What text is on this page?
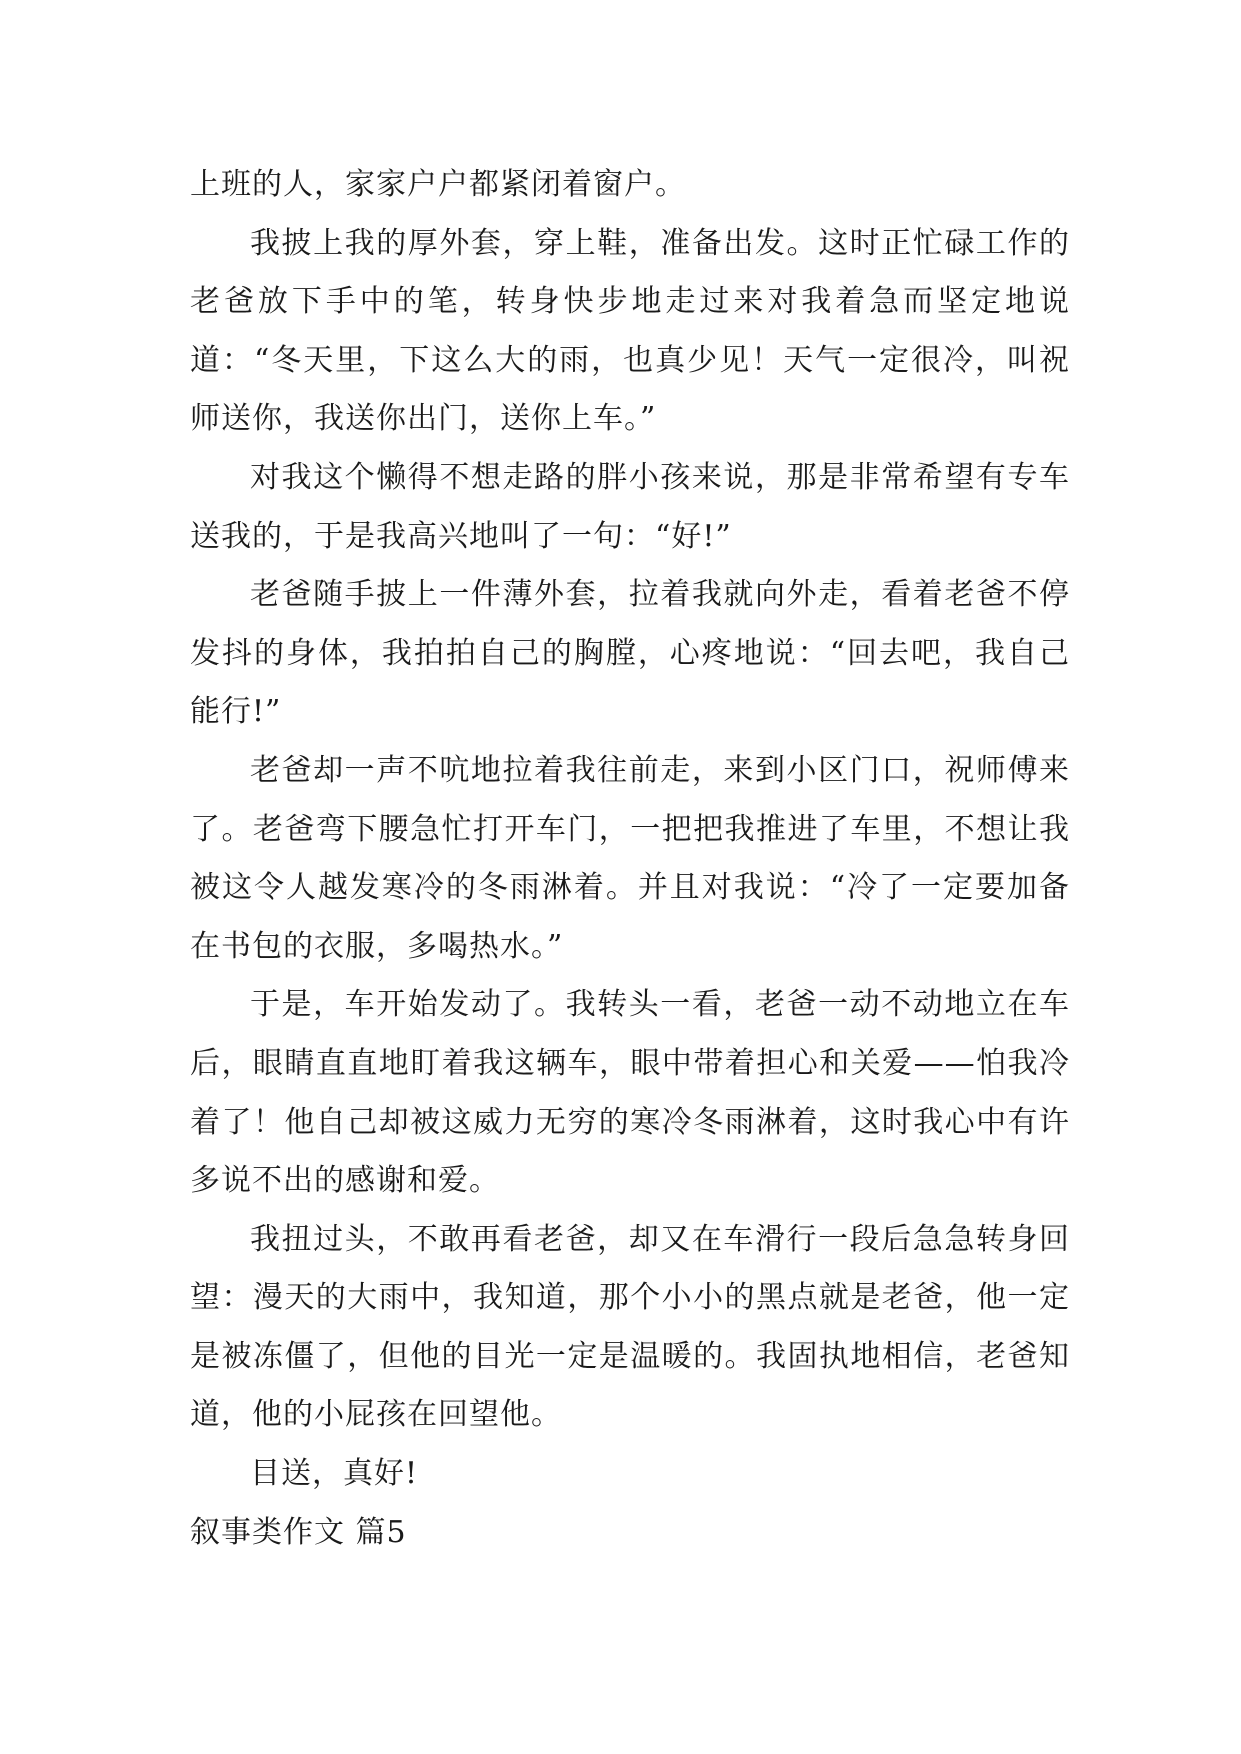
上班的人，家家户户都紧闭着窗户。

我披上我的厚外套，穿上鞋，准备出发。这时正忙碌工作的老爸放下手中的笔，转身快步地走过来对我着急而坚定地说道：“冬天里，下这么大的雨，也真少见！天气一定很冷，叫祝师送你，我送你出门，送你上车。”

对我这个懒得不想走路的胖小孩来说，那是非常希望有专车送我的，于是我高兴地叫了一句：“好!”

老爸随手披上一件薄外套，拉着我就向外走，看着老爸不停发抖的身体，我拍拍自己的胸膛，心疼地说：“回去吧，我自己能行!”

老爸却一声不吭地拉着我往前走，来到小区门口，祝师傅来了。老爸弯下腰急忙打开车门，一把把我推进了车里，不想让我被这令人越发寒冷的冬雨淋着。并且对我说：“冷了一定要加备在书包的衣服，多喝热水。”

于是，车开始发动了。我转头一看，老爸一动不动地立在车后，眼睛直直地盯着我这辆车，眼中带着担心和关爱——怕我冷着了！他自己却被这威力无穷的寒冷冬雨淋着，这时我心中有许多说不出的感谢和爱。

我扭过头，不敢再看老爸，却又在车滑行一段后急急转身回望：漫天的大雨中，我知道，那个小小的黑点就是老爸，他一定是被冻僵了，但他的目光一定是温暖的。我固执地相信，老爸知道，他的小屁孩在回望他。

目送，真好!

叙事类作文 篇5
